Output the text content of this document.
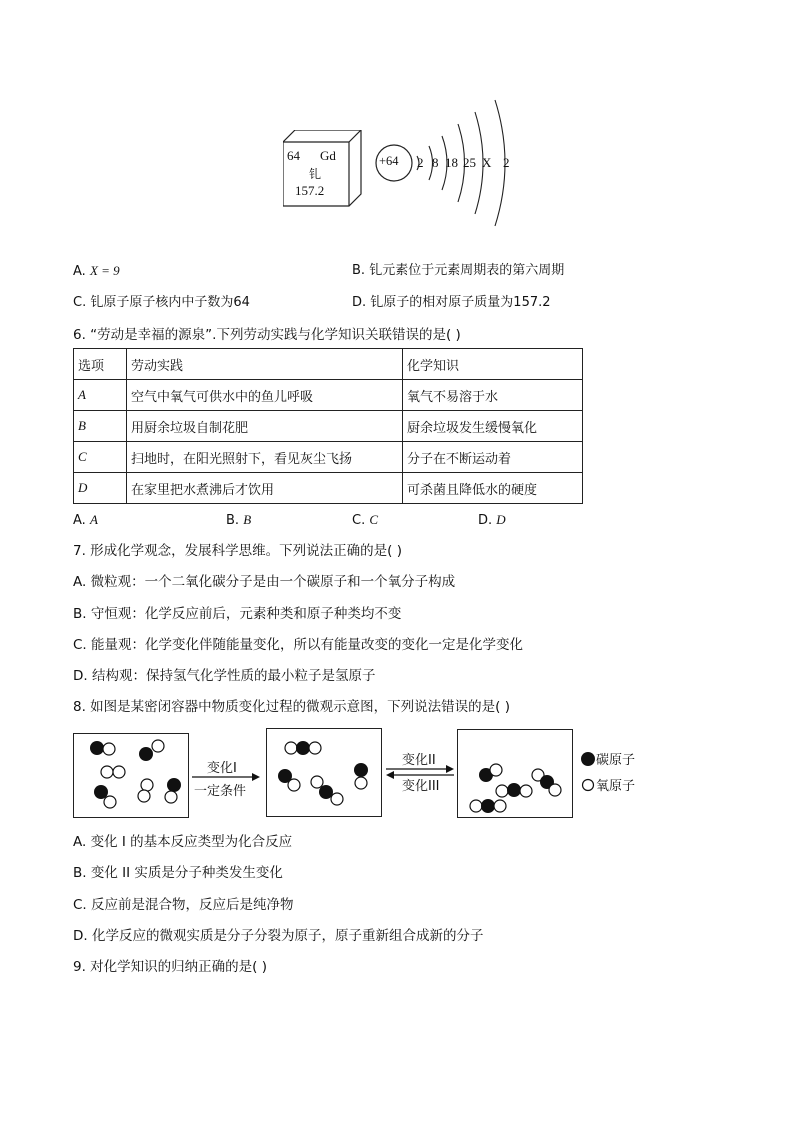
64 Gd
钆
157.2
+64 2 8 18 25 X 2
A. X = 9	B. 钆元素位于元素周期表的第六周期
C. 钆原子原子核内中子数为64	D. 钆原子的相对原子质量为157.2
6. “劳动是幸福的源泉”.下列劳动实践与化学知识关联错误的是( )
选项	劳动实践	化学知识
A	空气中氧气可供水中的鱼儿呼吸	氧气不易溶于水
B	用厨余垃圾自制花肥	厨余垃圾发生缓慢氧化
C	扫地时，在阳光照射下，看见灰尘飞扬	分子在不断运动着
D	在家里把水煮沸后才饮用	可杀菌且降低水的硬度
A. A	B. B	C. C	D. D
7. 形成化学观念，发展科学思维。下列说法正确的是( )
A. 微粒观：一个二氧化碳分子是由一个碳原子和一个氧分子构成
B. 守恒观：化学反应前后，元素种类和原子种类均不变
C. 能量观：化学变化伴随能量变化，所以有能量改变的变化一定是化学变化
D. 结构观：保持氢气化学性质的最小粒子是氢原子
8. 如图是某密闭容器中物质变化过程的微观示意图，下列说法错误的是( )
变化I
一定条件
变化II
变化III
碳原子
氧原子
A. 变化 I 的基本反应类型为化合反应
B. 变化 II 实质是分子种类发生变化
C. 反应前是混合物，反应后是纯净物
D. 化学反应的微观实质是分子分裂为原子，原子重新组合成新的分子
9. 对化学知识的归纳正确的是( )
